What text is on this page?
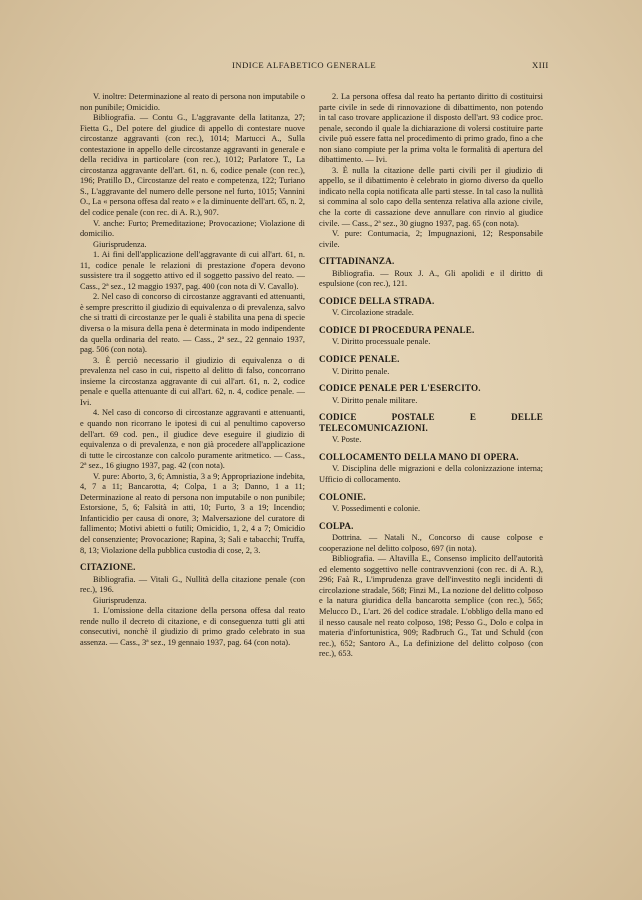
INDICE ALFABETICO GENERALE	XIII

V. inoltre: Determinazione al reato di persona non imputabile o non punibile; Omicidio.

Bibliografia. — Contu G., L'aggravante della latitanza, 27; Fietta G., Del potere del giudice di appello di contestare nuove circostanze aggravanti (con rec.), 1014; Martucci A., Sulla contestazione in appello delle circostanze aggravanti in generale e della recidiva in particolare (con rec.), 1012; Parlatore T., La circostanza aggravante dell'art. 61, n. 6, codice penale (con rec.), 196; Pratillo D., Circostanze del reato e competenza, 122; Turiano S., L'aggravante del numero delle persone nel furto, 1015; Vannini O., La « persona offesa dal reato » e la diminuente dell'art. 65, n. 2, del codice penale (con rec. di A. R.), 907.

V. anche: Furto; Premeditazione; Provocazione; Violazione di domicilio.

Giurisprudenza.

1. Ai fini dell'applicazione dell'aggravante di cui all'art. 61, n. 11, codice penale le relazioni di prestazione d'opera devono sussistere tra il soggetto attivo ed il soggetto passivo del reato. — Cass., 2ª sez., 12 maggio 1937, pag. 400 (con nota di V. Cavallo).

2. Nel caso di concorso di circostanze aggravanti ed attenuanti, è sempre prescritto il giudizio di equivalenza o di prevalenza, salvo che si tratti di circostanze per le quali è stabilita una pena di specie diversa o la misura della pena è determinata in modo indipendente da quella ordinaria del reato. — Cass., 2ª sez., 22 gennaio 1937, pag. 506 (con nota).

3. È perciò necessario il giudizio di equivalenza o di prevalenza nel caso in cui, rispetto al delitto di falso, concorrano insieme la circostanza aggravante di cui all'art. 61, n. 2, codice penale e quella attenuante di cui all'art. 62, n. 4, codice penale. — Ivi.

4. Nel caso di concorso di circostanze aggravanti e attenuanti, e quando non ricorrano le ipotesi di cui al penultimo capoverso dell'art. 69 cod. pen., il giudice deve eseguire il giudizio di equivalenza o di prevalenza, e non già procedere all'applicazione di tutte le circostanze con calcolo puramente aritmetico. — Cass., 2ª sez., 16 giugno 1937, pag. 42 (con nota).

V. pure: Aborto, 3, 6; Amnistia, 3 a 9; Appropriazione indebita, 4, 7 a 11; Bancarotta, 4; Colpa, 1 a 3; Danno, 1 a 11; Determinazione al reato di persona non imputabile o non punibile; Estorsione, 5, 6; Falsità in atti, 10; Furto, 3 a 19; Incendio; Infanticidio per causa di onore, 3; Malversazione del curatore di fallimento; Motivi abietti o futili; Omicidio, 1, 2, 4 a 7; Omicidio del consenziente; Provocazione; Rapina, 3; Sali e tabacchi; Truffa, 8, 13; Violazione della pubblica custodia di cose, 2, 3.

CITAZIONE.

Bibliografia. — Vitali G., Nullità della citazione penale (con rec.), 196.

Giurisprudenza.

1. L'omissione della citazione della persona offesa dal reato rende nullo il decreto di citazione, e di conseguenza tutti gli atti consecutivi, nonchè il giudizio di primo grado celebrato in sua assenza. — Cass., 3ª sez., 19 gennaio 1937, pag. 64 (con nota).

2. La persona offesa dal reato ha pertanto diritto di costituirsi parte civile in sede di rinnovazione di dibattimento, non potendo in tal caso trovare applicazione il disposto dell'art. 93 codice proc. penale, secondo il quale la dichiarazione di volersi costituire parte civile può essere fatta nel procedimento di primo grado, fino a che non siano compiute per la prima volta le formalità di apertura del dibattimento. — Ivi.

3. È nulla la citazione delle parti civili per il giudizio di appello, se il dibattimento è celebrato in giorno diverso da quello indicato nella copia notificata alle parti stesse. In tal caso la nullità si commina al solo capo della sentenza relativa alla azione civile, che la corte di cassazione deve annullare con rinvio al giudice civile. — Cass., 2ª sez., 30 giugno 1937, pag. 65 (con nota).

V. pure: Contumacia, 2; Impugnazioni, 12; Responsabile civile.

CITTADINANZA.

Bibliografia. — Roux J. A., Gli apolidi e il diritto di espulsione (con rec.), 121.

CODICE DELLA STRADA.

V. Circolazione stradale.

CODICE DI PROCEDURA PENALE.

V. Diritto processuale penale.

CODICE PENALE.

V. Diritto penale.

CODICE PENALE PER L'ESERCITO.

V. Diritto penale militare.

CODICE POSTALE E DELLE TELECOMUNICAZIONI.

V. Poste.

COLLOCAMENTO DELLA MANO DI OPERA.

V. Disciplina delle migrazioni e della colonizzazione interna; Ufficio di collocamento.

COLONIE.

V. Possedimenti e colonie.

COLPA.

Dottrina. — Natali N., Concorso di cause colpose e cooperazione nel delitto colposo, 697 (in nota).

Bibliografia. — Altavilla E., Consenso implicito dell'autorità ed elemento soggettivo nelle contravvenzioni (con rec. di A. R.), 296; Faà R., L'imprudenza grave dell'investito negli incidenti di circolazione stradale, 568; Finzi M., La nozione del delitto colposo e la natura giuridica della bancarotta semplice (con rec.), 565; Melucco D., L'art. 26 del codice stradale. L'obbligo della mano ed il nesso causale nel reato colposo, 198; Pesso G., Dolo e colpa in materia d'infortunistica, 909; Radbruch G., Tat und Schuld (con rec.), 652; Santoro A., La definizione del delitto colposo (con rec.), 653.
